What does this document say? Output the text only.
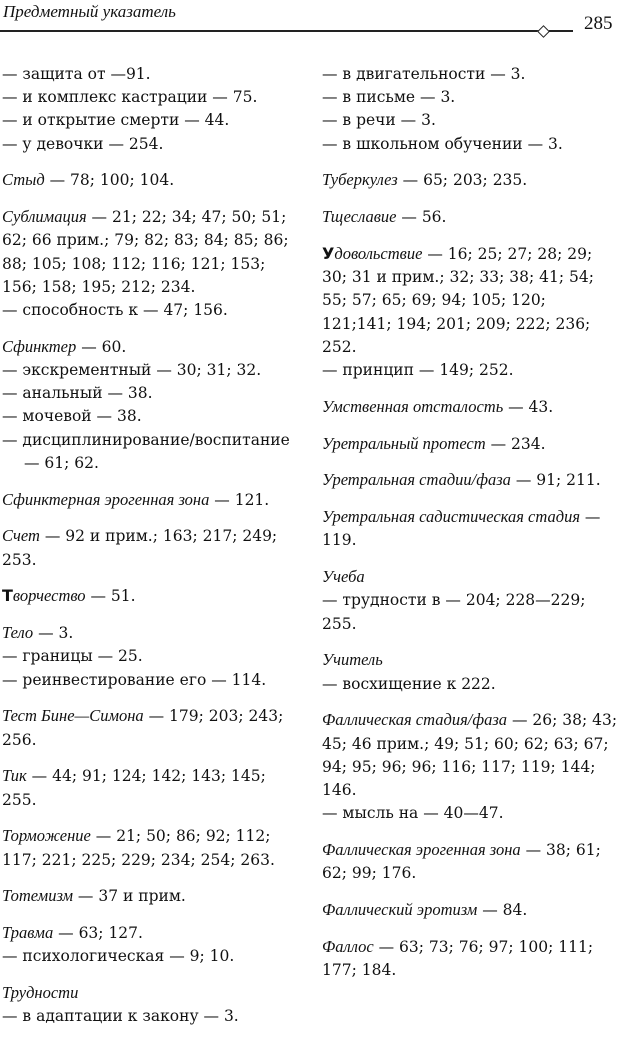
Предметный указатель
285
— защита от —91.
— и комплекс кастрации — 75.
— и открытие смерти — 44.
— у девочки — 254.
Стыд — 78; 100; 104.
Сублимация — 21; 22; 34; 47; 50; 51; 62; 66 прим.; 79; 82; 83; 84; 85; 86; 88; 105; 108; 112; 116; 121; 153; 156; 158; 195; 212; 234.
— способность к — 47; 156.
Сфинктер — 60.
— экскрементный — 30; 31; 32.
— анальный — 38.
— мочевой — 38.
— дисциплинирование/воспитание
— 61; 62.
Сфинктерная эрогенная зона — 121.
Счет — 92 и прим.; 163; 217; 249; 253.
Творчество — 51.
Тело — 3.
— границы — 25.
— реинвестирование его — 114.
Тест Бине—Симона — 179; 203; 243; 256.
Тик — 44; 91; 124; 142; 143; 145; 255.
Торможение — 21; 50; 86; 92; 112; 117; 221; 225; 229; 234; 254; 263.
Тотемизм — 37 и прим.
Травма — 63; 127.
— психологическая — 9; 10.
Трудности
— в адаптации к закону — 3.
— в двигательности — 3.
— в письме — 3.
— в речи — 3.
— в школьном обучении — 3.
Туберкулез — 65; 203; 235.
Тщеславие — 56.
Удовольствие — 16; 25; 27; 28; 29; 30; 31 и прим.; 32; 33; 38; 41; 54; 55; 57; 65; 69; 94; 105; 120; 121;141; 194; 201; 209; 222; 236; 252.
— принцип — 149; 252.
Умственная отсталость — 43.
Уретральный протест — 234.
Уретральная стадии/фаза — 91; 211.
Уретральная садистическая стадия — 119.
Учеба
— трудности в — 204; 228—229; 255.
Учитель
— восхищение к 222.
Фаллическая стадия/фаза — 26; 38; 43; 45; 46 прим.; 49; 51; 60; 62; 63; 67; 94; 95; 96; 96; 116; 117; 119; 144; 146.
— мысль на — 40—47.
Фаллическая эрогенная зона — 38; 61; 62; 99; 176.
Фаллический эротизм — 84.
Фаллос — 63; 73; 76; 97; 100; 111; 177; 184.
